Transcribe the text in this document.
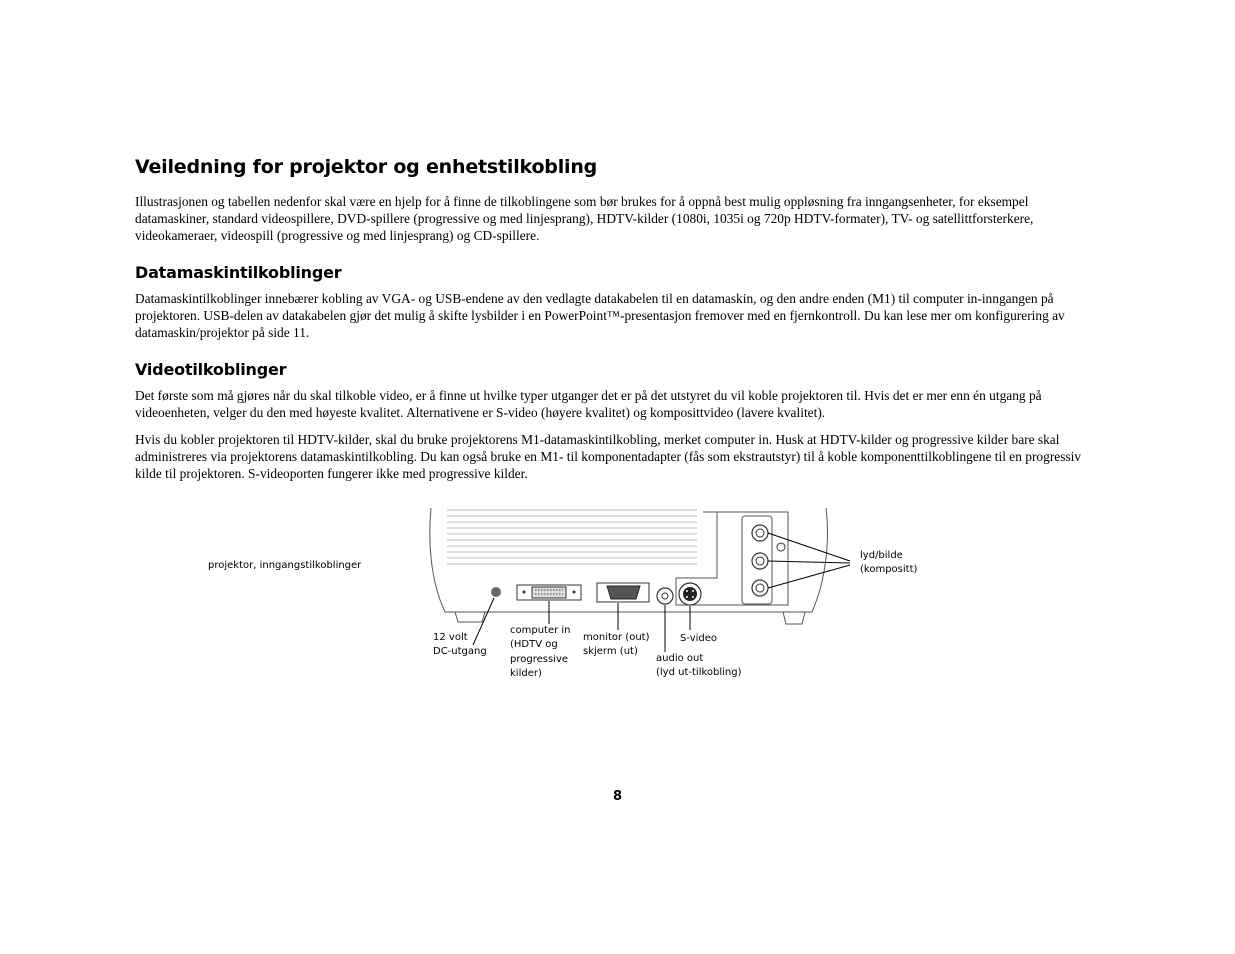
Veiledning for projektor og enhetstilkobling

Illustrasjonen og tabellen nedenfor skal være en hjelp for å finne de tilkoblingene som bør brukes for å oppnå best mulig oppløsning fra inngangsenheter, for eksempel datamaskiner, standard videospillere, DVD-spillere (progressive og med linjesprang), HDTV-kilder (1080i, 1035i og 720p HDTV-formater), TV- og satellittforsterkere, videokameraer, videospill (progressive og med linjesprang) og CD-spillere.

Datamaskintilkoblinger

Datamaskintilkoblinger innebærer kobling av VGA- og USB-endene av den vedlagte datakabelen til en datamaskin, og den andre enden (M1) til computer in-inngangen på projektoren. USB-delen av datakabelen gjør det mulig å skifte lysbilder i en PowerPoint™-presentasjon fremover med en fjernkontroll. Du kan lese mer om konfigurering av datamaskin/projektor på side 11.

Videotilkoblinger

Det første som må gjøres når du skal tilkoble video, er å finne ut hvilke typer utganger det er på det utstyret du vil koble projektoren til. Hvis det er mer enn én utgang på videoenheten, velger du den med høyeste kvalitet. Alternativene er S-video (høyere kvalitet) og komposittvideo (lavere kvalitet).

Hvis du kobler projektoren til HDTV-kilder, skal du bruke projektorens M1-datamaskintilkobling, merket computer in. Husk at HDTV-kilder og progressive kilder bare skal administreres via projektorens datamaskintilkobling. Du kan også bruke en M1- til komponentadapter (fås som ekstrautstyr) til å koble komponenttilkoblingene til en progressiv kilde til projektoren. S-videoporten fungerer ikke med progressive kilder.

projektor, inngangstilkoblinger

12 volt

DC-utgang

computer in

(HDTV og

progressive

kilder)

monitor (out)

skjerm (ut)

S-video

audio out

(lyd ut-tilkobling)

lyd/bilde

(kompositt)

8
